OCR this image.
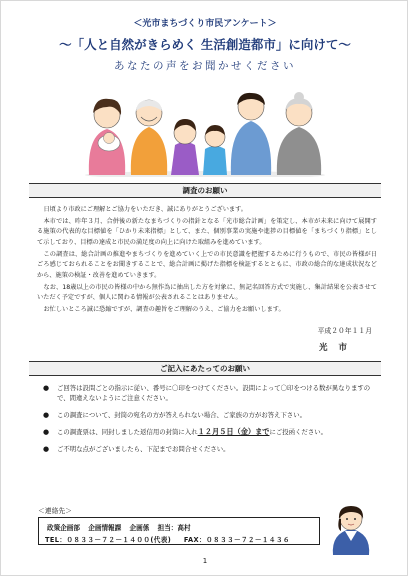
＜光市まちづくり市民アンケート＞
～「人と自然がきらめく 生活創造都市」に向けて～
あなたの声をお聞かせください
調査のお願い

日頃より市政にご理解とご協力をいただき、誠にありがとうございます。

本市では、昨年３月、合併後の新たなまちづくりの指針となる「光市総合計画」を策定し、本市が未来に向けて展開する施策の代表的な目標値を「ひかり未来指標」として、また、個別事業の実施や進捗の目標値を「まちづくり指標」として示しており、目標の達成と市民の満足度の向上に向けた取組みを進めています。

この調査は、総合計画の推進やまちづくりを進めていく上での市民意識を把握するために行うもので、市民の皆様が日ごろ感じておられることをお聞きすることで、総合計画に掲げた指標を検証するとともに、市政の総合的な達成状況などから、施策の検証・改善を進めていきます。

なお、18歳以上の市民の皆様の中から無作為に抽出した方を対象に、無記名回答方式で実施し、集計結果を公表させていただく予定ですが、個人に関わる情報が公表されることはありません。

お忙しいところ誠に恐縮ですが、調査の趣旨をご理解のうえ、ご協力をお願いします。

平成２０年１１月
光 市
ご記入にあたってのお願い
● ご回答は設問ごとの指示に従い、番号に〇印をつけてください。設問によって〇印をつける数が異なりますので、間違えないようにご注意ください。
● この調査について、封筒の宛名の方が答えられない場合、ご家族の方がお答え下さい。
● この調査票は、同封しました返信用の封筒に入れ１２月５日（金）までにご投函ください。
● ご不明な点がございましたら、下記までお問合せください。
＜連絡先＞
政策企画部 企画情報課 企画係 担当：高村
TEL：０８３３－７２－１４００(代表) FAX：０８３３－７２－１４３６
1
